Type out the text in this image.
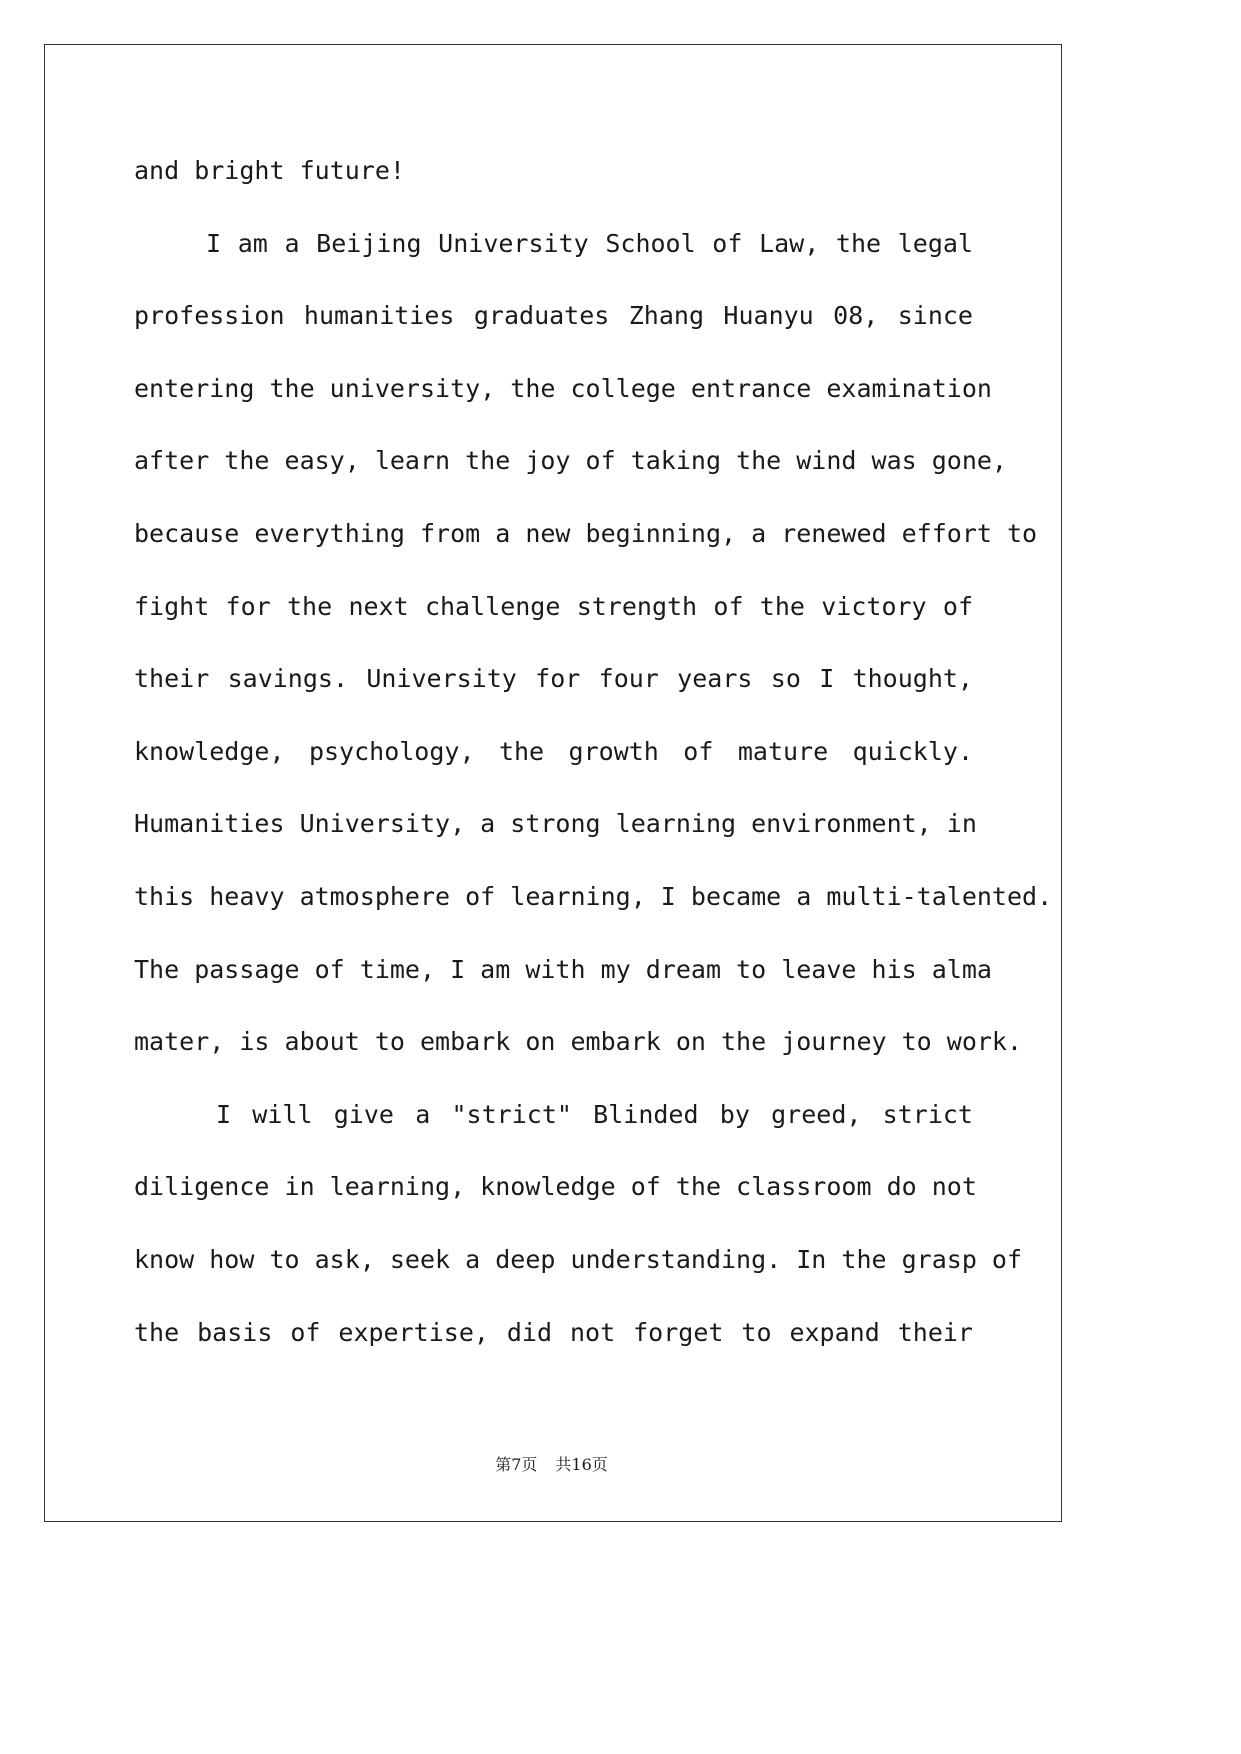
and bright future!
I am a Beijing University School of Law, the legal
profession humanities graduates Zhang Huanyu 08, since
entering the university, the college entrance examination
after the easy, learn the joy of taking the wind was gone,
because everything from a new beginning, a renewed effort to
fight for the next challenge strength of the victory of
their savings. University for four years so I thought,
knowledge, psychology, the growth of mature quickly.
Humanities University, a strong learning environment, in
this heavy atmosphere of learning, I became a multi-talented.
The passage of time, I am with my dream to leave his alma
mater, is about to embark on embark on the journey to work.
I will give a "strict" Blinded by greed, strict
diligence in learning, knowledge of the classroom do not
know how to ask, seek a deep understanding. In the grasp of
the basis of expertise, did not forget to expand their
第7页 共16页
